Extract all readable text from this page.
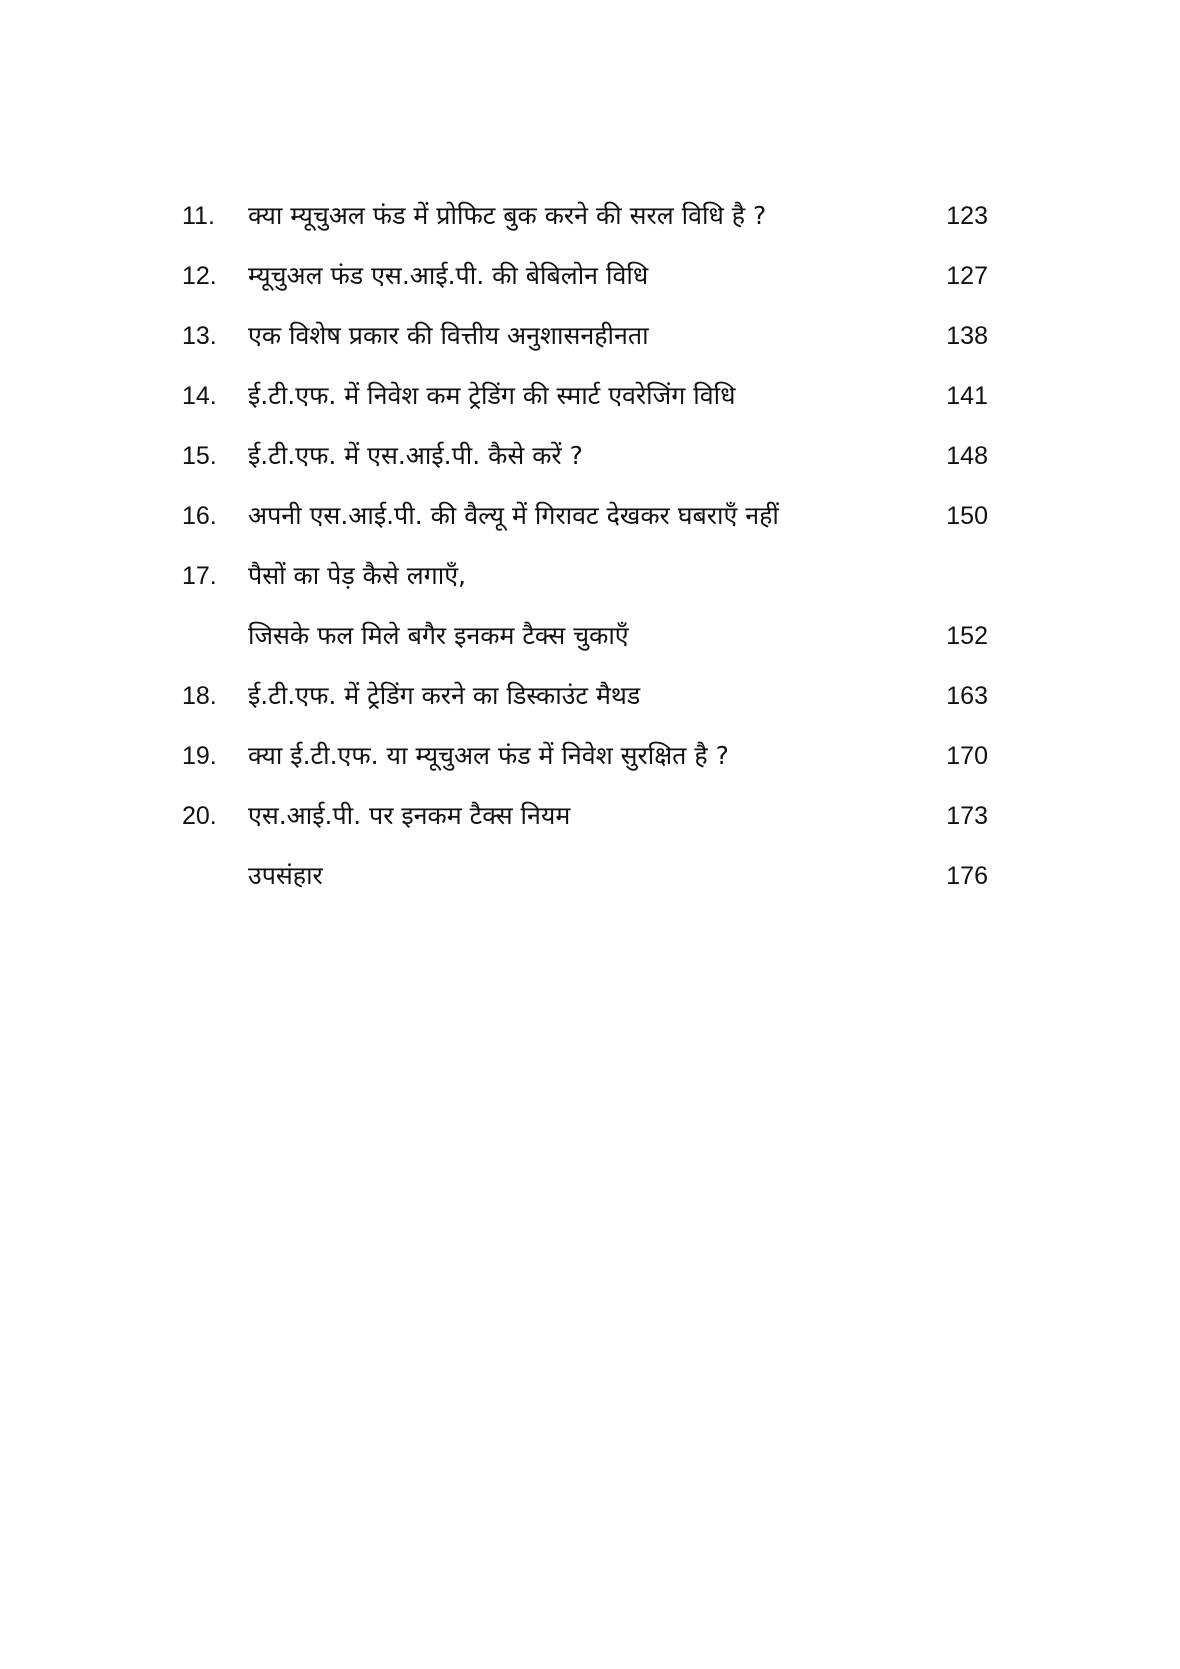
11.	क्या म्यूचुअल फंड में प्रोफिट बुक करने की सरल विधि है ?	123
12.	म्यूचुअल फंड एस.आई.पी. की बेबिलोन विधि	127
13.	एक विशेष प्रकार की वित्तीय अनुशासनहीनता	138
14.	ई.टी.एफ. में निवेश कम ट्रेडिंग की स्मार्ट एवरेजिंग विधि	141
15.	ई.टी.एफ. में एस.आई.पी. कैसे करें ?	148
16.	अपनी एस.आई.पी. की वैल्यू में गिरावट देखकर घबराएँ नहीं	150
17.	पैसों का पेड़ कैसे लगाएँ,
जिसके फल मिले बगैर इनकम टैक्स चुकाएँ	152
18.	ई.टी.एफ. में ट्रेडिंग करने का डिस्काउंट मैथड	163
19.	क्या ई.टी.एफ. या म्यूचुअल फंड में निवेश सुरक्षित है ?	170
20.	एस.आई.पी. पर इनकम टैक्स नियम	173
उपसंहार	176
